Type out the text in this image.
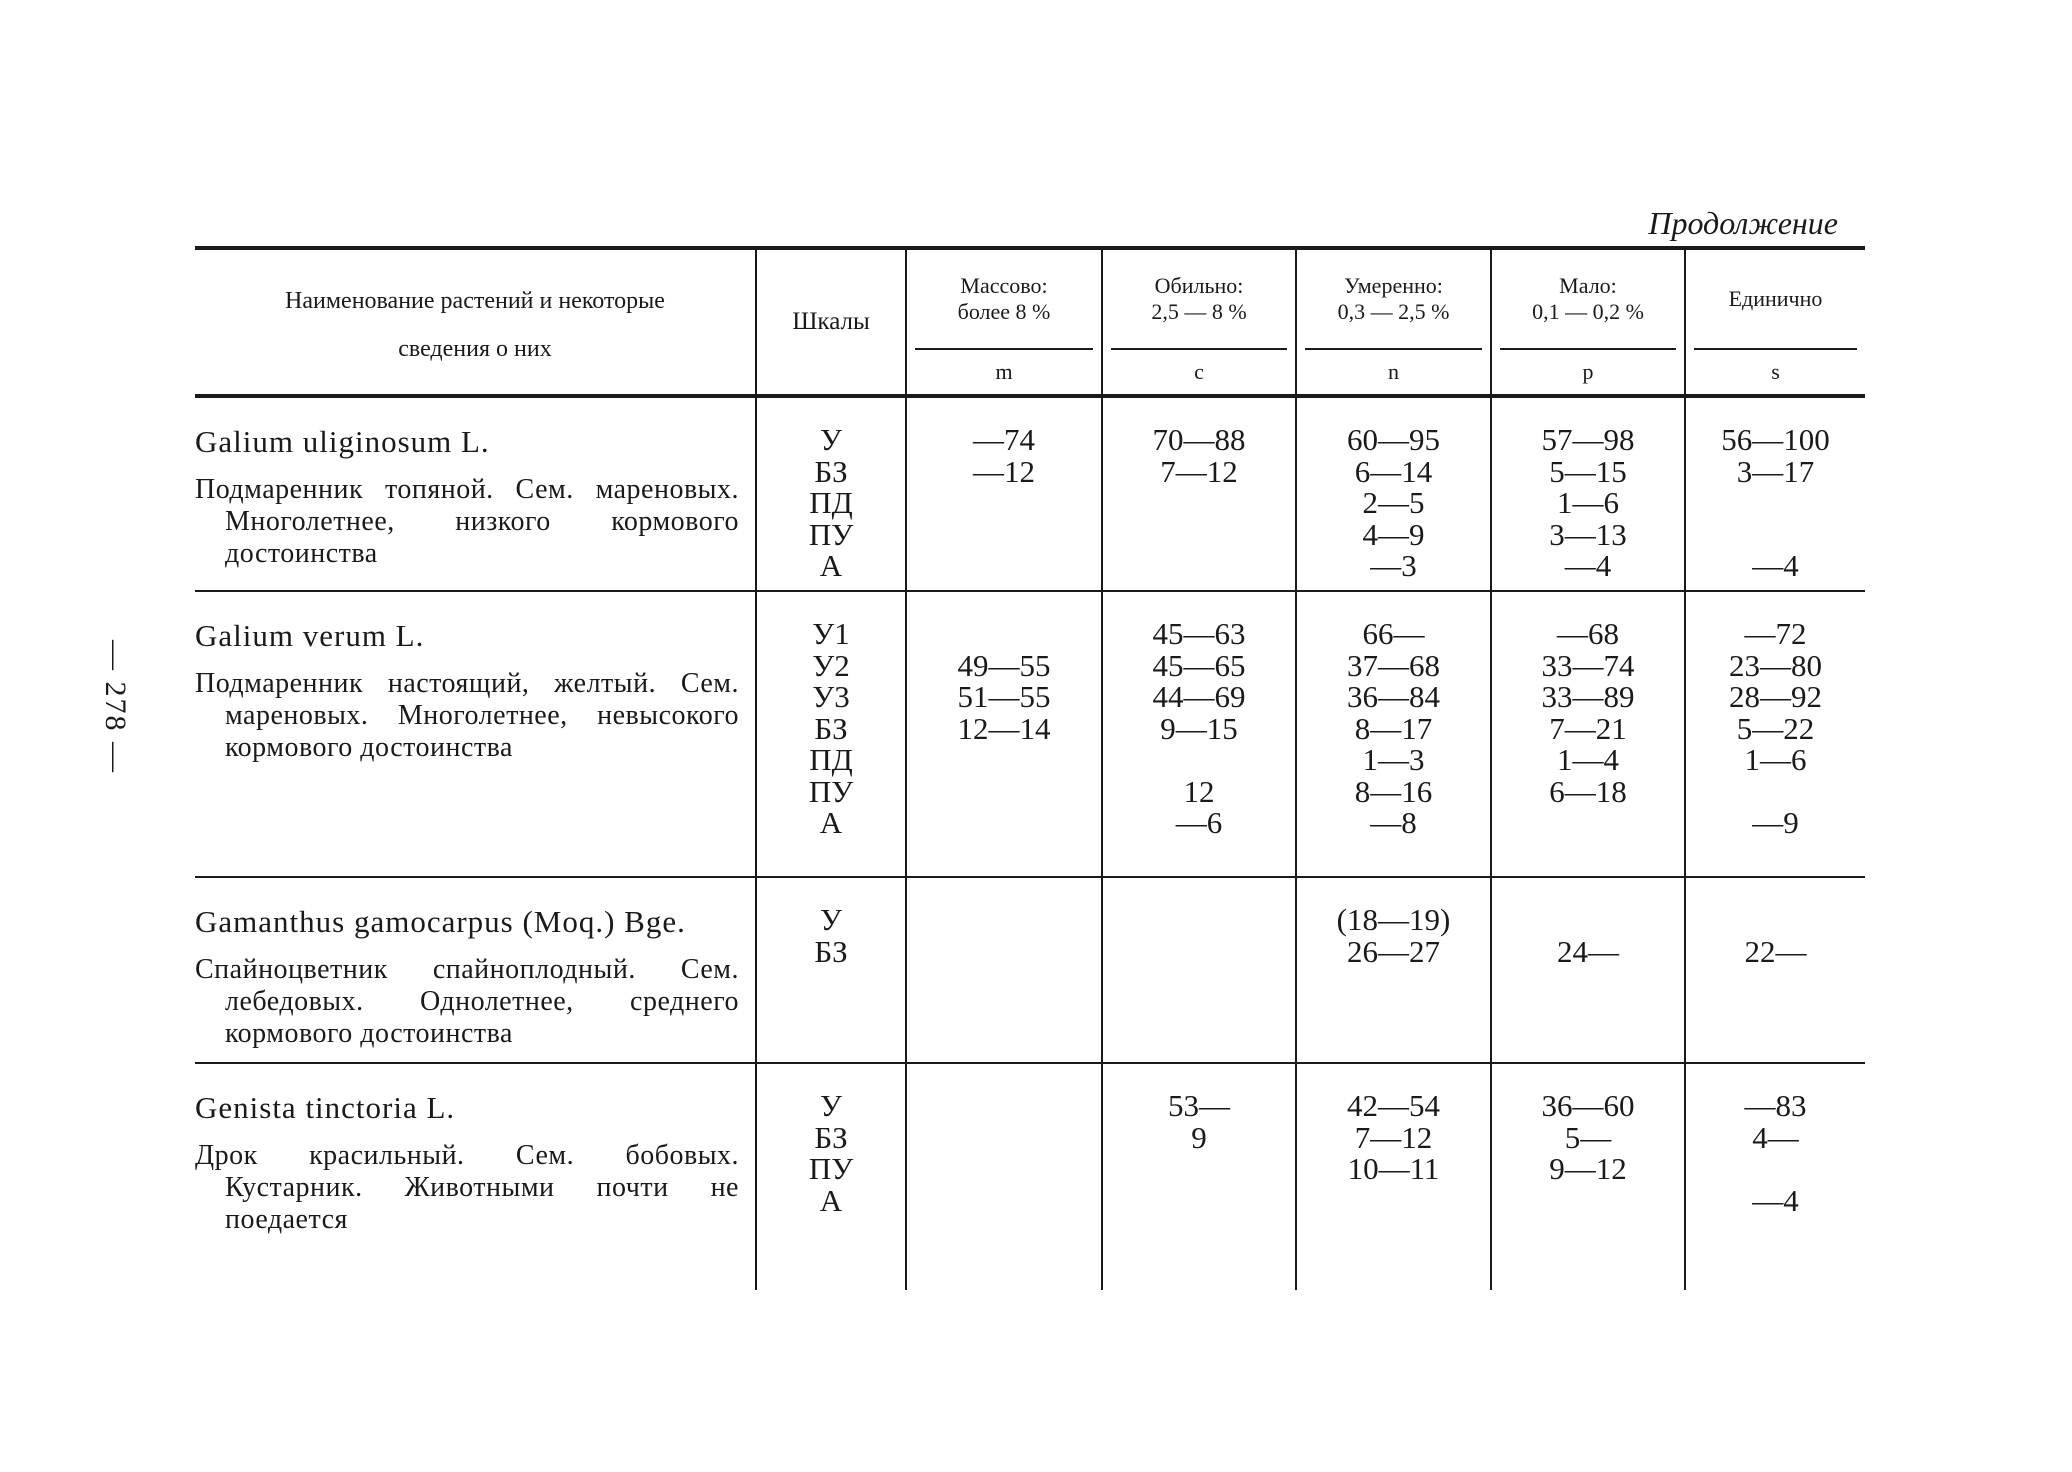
— 278 —
Продолжение
Наименование растений и некоторые
сведения о них
Шкалы
Массово:
более 8 %
m
Обильно:
2,5 — 8 %
c
Умеренно:
0,3 — 2,5 %
n
Мало:
0,1 — 0,2 %
p
Единично
s
Galium uliginosum L.
Подмаренник топяной. Сем. мареновых. Многолетнее, низкого кормового достоинства
У
БЗ
ПД
ПУ
А
—74
—12
70—88
7—12
60—95
6—14
2—5
4—9
—3
57—98
5—15
1—6
3—13
—4
56—100
3—17
—4
Galium verum L.
Подмаренник настоящий, желтый. Сем. мареновых. Многолетнее, невысокого кормового достоинства
У1
У2
У3
БЗ
ПД
ПУ
А
49—55
51—55
12—14
45—63
45—65
44—69
9—15
12
—6
66—
37—68
36—84
8—17
1—3
8—16
—8
—68
33—74
33—89
7—21
1—4
6—18
—72
23—80
28—92
5—22
1—6
—9
Gamanthus gamocarpus (Moq.) Bge.
Спайноцветник спайноплодный. Сем. лебедовых. Однолетнее, среднего кормового достоинства
У
БЗ
(18—19)
26—27	24—	22—
Genista tinctoria L.
Дрок красильный. Сем. бобовых. Кустарник. Животными почти не поедается
У
БЗ
ПУ
А
53—
9
42—54
7—12
10—11
36—60
5—
9—12
—83
4—
—4
